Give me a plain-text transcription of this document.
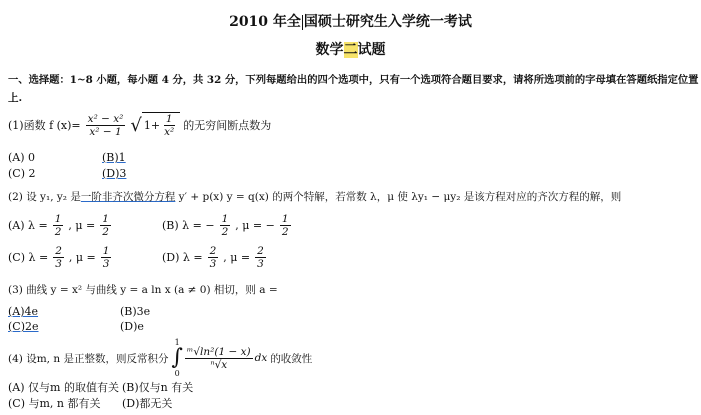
2010 年全 国硕士研究生入学统一考试
数学二试题
一、选择题：1~8 小题，每小题 4 分，共 32 分，下列每题给出的四个选项中，只有一个选项符合题目要求，请将所选项前的字母填在答题纸指定位置
上.
(1)函数 f $(x)= \frac{\text{x² − x²}}{\text{x² − 1}}$ √ $1+ \frac{1}{\text{x²}}$ 的无穷间断点数为
(A) 0	(B)1
(C) 2	(D)3
(2) 设 y₁, y₂ 是一阶非齐次微分方程 y′ + p(x) y = q(x) 的两个特解，若常数 λ，μ 使 λy₁ − μy₂ 是该方程对应的齐次方程的解，则
(A) $\lambda = \frac{1}{2}$ , $\mu = \frac{1}{2}$	(B) λ = − $\frac{1}{2}$ , μ = − $\frac{1}{2}$
(C) $\lambda = \frac{2}{3}$ , $\mu = \frac{1}{3}$	(D) $\lambda = \frac{2}{3}$ , $\mu = \frac{2}{3}$
(3) 曲线 y = x² 与曲线 y = a ln x (a ≠ 0) 相切，则 a =
(A)4e	(B)3e
(C)2e	(D)e
(4) 设m, n 是正整数，则反常积分
1
∫
0
$\frac{\text{ᵐ√ln²(1 − x)}}{\text{ⁿ√x}}$ dx 的收敛性
(A) 仅与m 的取值有关 (B)仅与n 有关
(C) 与m, n 都有关 (D)都无关
